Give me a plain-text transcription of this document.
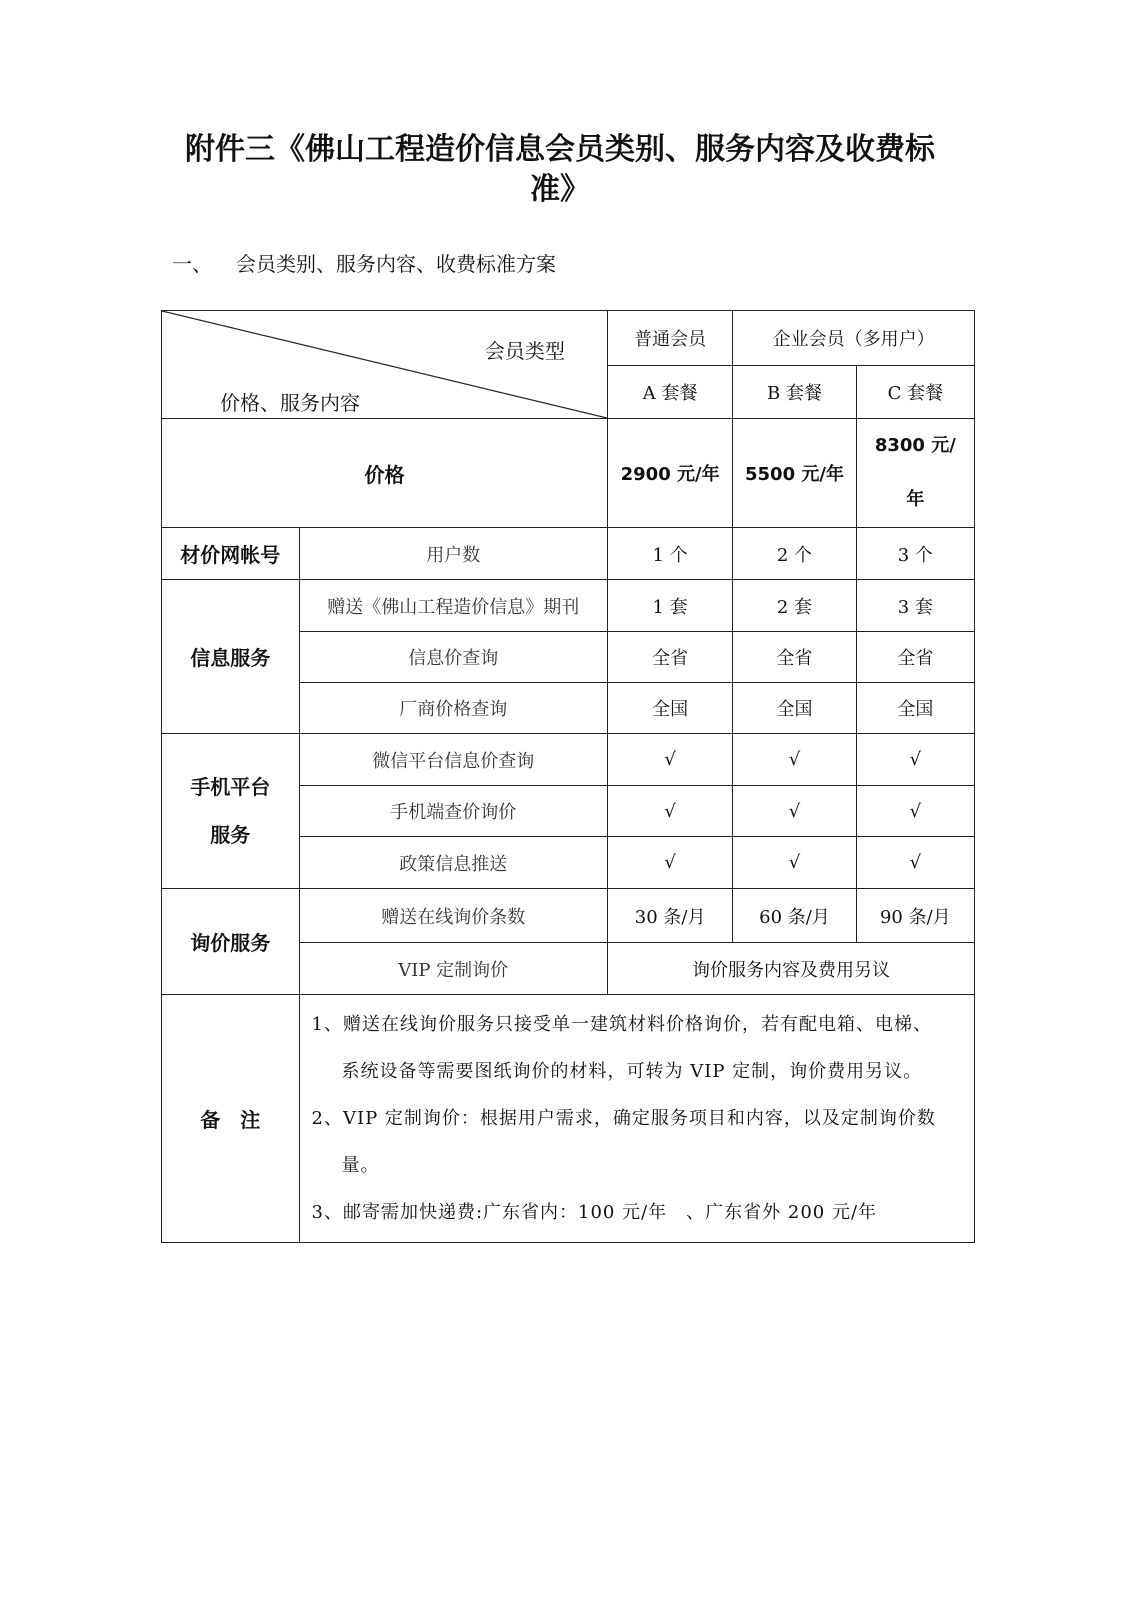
附件三《佛山工程造价信息会员类别、服务内容及收费标
准》

一、 会员类别、服务内容、收费标准方案

会员类型
价格、服务内容		普通会员	企业会员（多用户）	
		A 套餐	B 套餐	C 套餐
价格		2900 元/年	5500 元/年	8300 元/
年
材价网帐号	用户数	1 个	2 个	3 个
信息服务	赠送《佛山工程造价信息》期刊	1 套	2 套	3 套
	信息价查询	全省	全省	全省
	厂商价格查询	全国	全国	全国
手机平台
服务	微信平台信息价查询	√	√	√
	手机端查价询价	√	√	√
	政策信息推送	√	√	√
询价服务	赠送在线询价条数	30 条/月	60 条/月	90 条/月
	VIP 定制询价	询价服务内容及费用另议		
备　注	1、赠送在线询价服务只接受单一建筑材料价格询价，若有配电箱、电梯、
系统设备等需要图纸询价的材料，可转为 VIP 定制，询价费用另议。
2、VIP 定制询价：根据用户需求，确定服务项目和内容，以及定制询价数
量。
3、邮寄需加快递费:广东省内：100 元/年　、广东省外 200 元/年			
